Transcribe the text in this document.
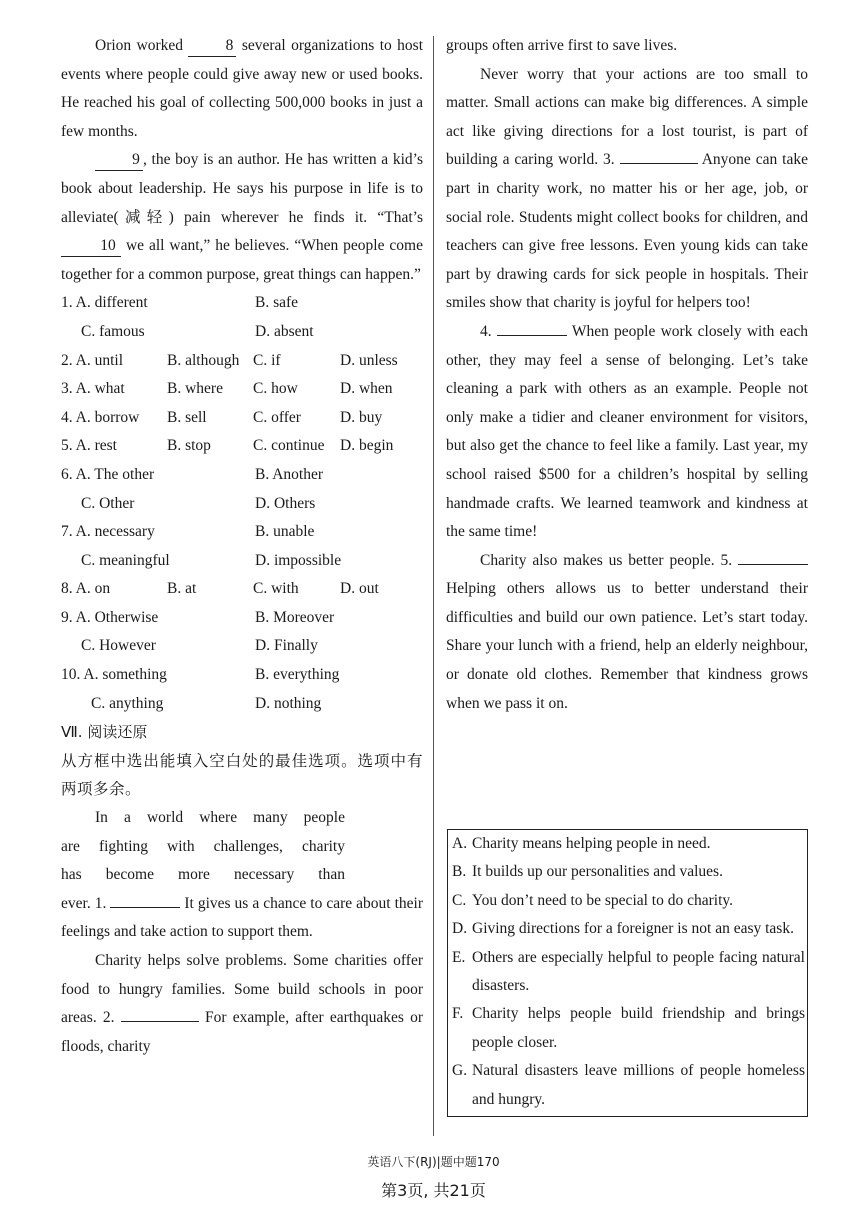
Orion worked	8 several organizations to host events where people could give away new or used books. He reached his goal of collecting 500,000 books in just a few months.

9 , the boy is an author. He has written a kid’s book about leadership. He says his purpose in life is to alleviate(减轻) pain wherever he finds it. “That’s 10 we all want,” he believes. “When people come together for a common purpose, great things can happen.”

1. A. different	B. safe
C. famous	D. absent
2. A. until	B. although C. if	D. unless
3. A. what	B. where	C. how	D. when
4. A. borrow	B. sell	C. offer	D. buy
5. A. rest	B. stop	C. continue	D. begin
6. A. The other	B. Another
C. Other	D. Others
7. A. necessary	B. unable
C. meaningful	D. impossible
8. A. on	B. at	C. with	D. out
9. A. Otherwise	B. Moreover
C. However	D. Finally
10. A. something	B. everything
C. anything	D. nothing
Ⅶ. 阅读还原

从方框中选出能填入空白处的最佳选项。选项中有两项多余。

In a world where many people
are fighting with challenges, charity
has become more necessary than

ever. 1.	It gives us a chance to care about their feelings and take action to support them.

Charity helps solve problems. Some charities offer food to hungry families. Some build schools in poor areas. 2.	For example, after earthquakes or floods, charity

groups often arrive first to save lives.

Never worry that your actions are too small to matter. Small actions can make big differences. A simple act like giving directions for a lost tourist, is part of building a caring world. 3.	Anyone can take part in charity work, no matter his or her age, job, or social role. Students might collect books for children, and teachers can give free lessons. Even young kids can take part by drawing cards for sick people in hospitals. Their smiles show that charity is joyful for helpers too!

4.	When people work closely with each other, they may feel a sense of belonging. Let’s take cleaning a park with others as an example. People not only make a tidier and cleaner environment for visitors, but also get the chance to feel like a family. Last year, my school raised $500 for a children’s hospital by selling handmade crafts. We learned teamwork and kindness at the same time!

Charity also makes us better people. 5.  Helping others allows us to better understand their difficulties and build our own patience. Let’s start today. Share your lunch with a friend, help an elderly neighbour, or donate old clothes. Remember that kindness grows when we pass it on.

A. Charity means helping people in need.
B. It builds up our personalities and values.
C. You don’t need to be special to do charity.
D. Giving directions for a foreigner is not an easy task.
E. Others are especially helpful to people facing natural disasters.
F. Charity helps people build friendship and brings people closer.
G. Natural disasters leave millions of people homeless and hungry.
英语八下(RJ)|题中题170
第3页, 共21页
